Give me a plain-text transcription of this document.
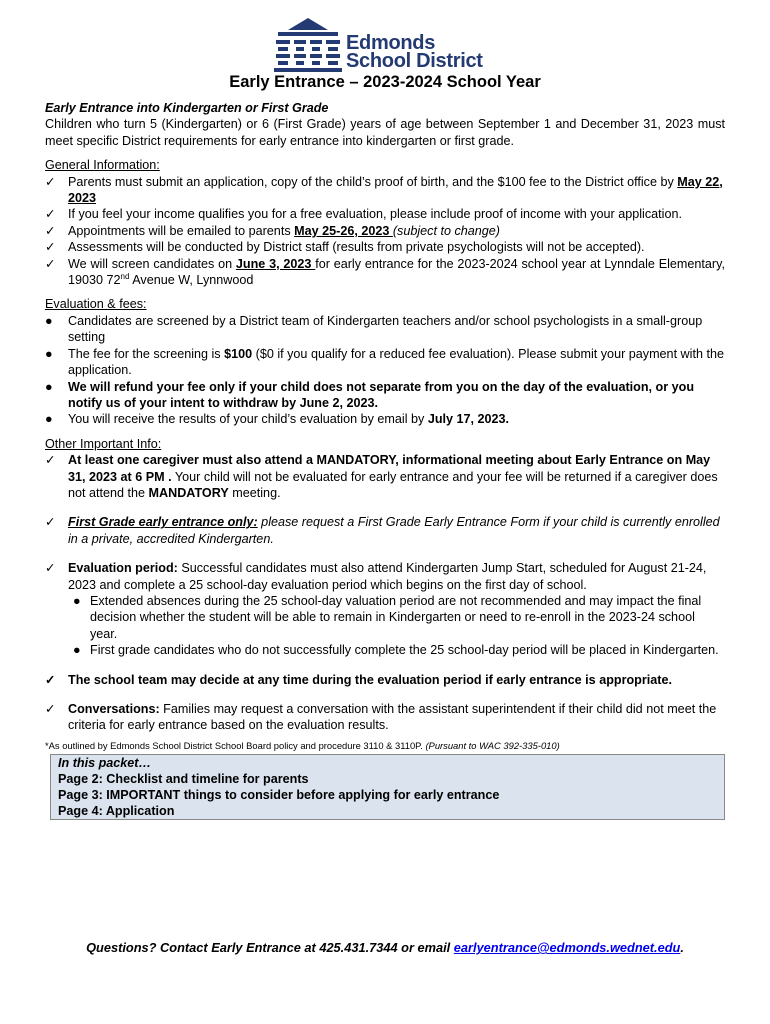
Edmonds
School District
Early Entrance – 2023-2024 School Year
Early Entrance into Kindergarten or First Grade
Children who turn 5 (Kindergarten) or 6 (First Grade) years of age between September 1 and December 31, 2023 must meet specific District requirements for early entrance into kindergarten or first grade.
General Information:
✓ Parents must submit an application, copy of the child’s proof of birth, and the $100 fee to the District office by May 22, 2023
✓ If you feel your income qualifies you for a free evaluation, please include proof of income with your application.
✓ Appointments will be emailed to parents May 25-26, 2023 (subject to change)
✓ Assessments will be conducted by District staff (results from private psychologists will not be accepted).
✓ We will screen candidates on June 3, 2023 for early entrance for the 2023-2024 school year at Lynndale Elementary, 19030 72nd Avenue W, Lynnwood
Evaluation & fees:
●	Candidates are screened by a District team of Kindergarten teachers and/or school psychologists in a small-group setting
●	The fee for the screening is $100 ($0 if you qualify for a reduced fee evaluation). Please submit your payment with the application.
●	We will refund your fee only if your child does not separate from you on the day of the evaluation, or you notify us of your intent to withdraw by June 2, 2023.
●	You will receive the results of your child’s evaluation by email by July 17, 2023.
Other Important Info:
✓ At least one caregiver must also attend a MANDATORY, informational meeting about Early Entrance on May 31, 2023 at 6 PM . Your child will not be evaluated for early entrance and your fee will be returned if a caregiver does not attend the MANDATORY meeting.
✓ First Grade early entrance only: please request a First Grade Early Entrance Form if your child is currently enrolled in a private, accredited Kindergarten.
✓ Evaluation period: Successful candidates must also attend Kindergarten Jump Start, scheduled for August 21-24, 2023 and complete a 25 school-day evaluation period which begins on the first day of school.
● Extended absences during the 25 school-day valuation period are not recommended and may impact the final decision whether the student will be able to remain in Kindergarten or need to re-enroll in the 2023-24 school year.
● First grade candidates who do not successfully complete the 25 school-day period will be placed in Kindergarten.
✓ The school team may decide at any time during the evaluation period if early entrance is appropriate.
✓ Conversations: Families may request a conversation with the assistant superintendent if their child did not meet the criteria for early entrance based on the evaluation results.
*As outlined by Edmonds School District School Board policy and procedure 3110 & 3110P. (Pursuant to WAC 392-335-010)
In this packet…
Page 2: Checklist and timeline for parents
Page 3: IMPORTANT things to consider before applying for early entrance
Page 4: Application
Questions? Contact Early Entrance at 425.431.7344 or email earlyentrance@edmonds.wednet.edu.
